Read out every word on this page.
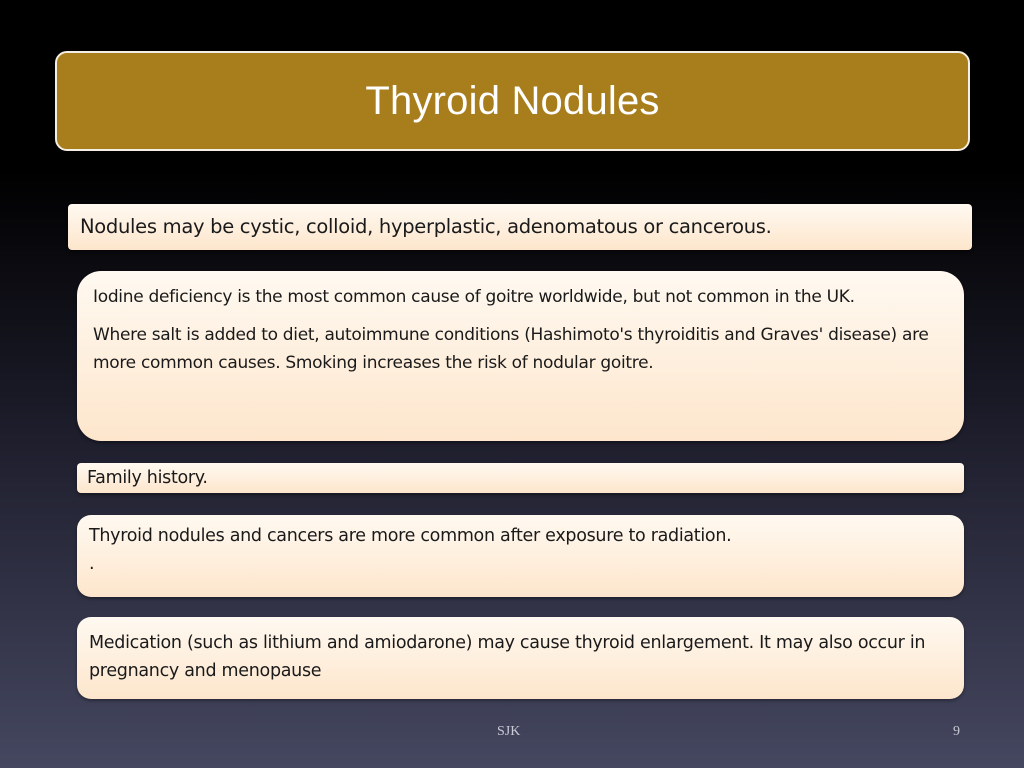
Thyroid Nodules

Nodules may be cystic, colloid, hyperplastic, adenomatous or cancerous.

Iodine deficiency is the most common cause of goitre worldwide, but not common in the UK.

Where salt is added to diet, autoimmune conditions (Hashimoto's thyroiditis and Graves' disease) are more common causes. Smoking increases the risk of nodular goitre.

Family history.

Thyroid nodules and cancers are more common after exposure to radiation.

.

Medication (such as lithium and amiodarone) may cause thyroid enlargement. It may also occur in pregnancy and menopause

SJK	9
